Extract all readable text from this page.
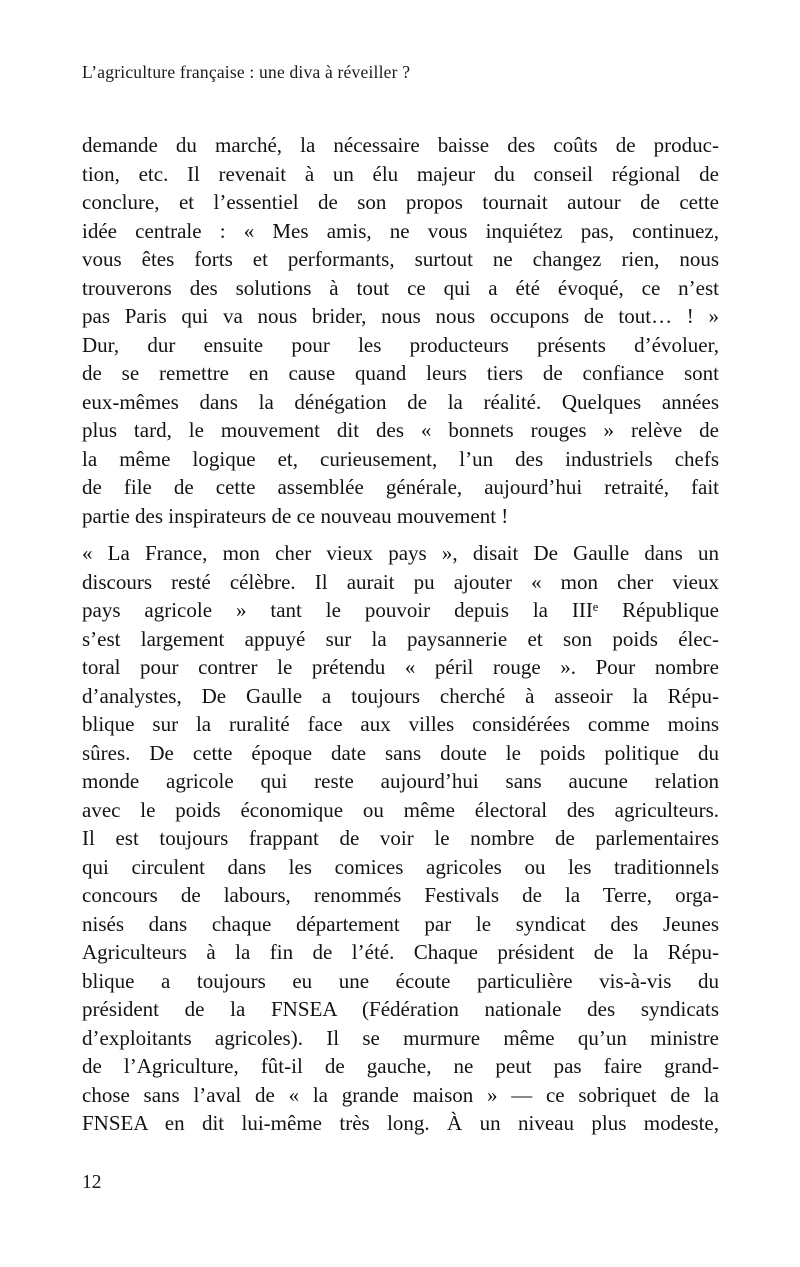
L’agriculture française : une diva à réveiller ?
demande du marché, la nécessaire baisse des coûts de produc-
tion, etc. Il revenait à un élu majeur du conseil régional de
conclure, et l’essentiel de son propos tournait autour de cette
idée centrale : « Mes amis, ne vous inquiétez pas, continuez,
vous êtes forts et performants, surtout ne changez rien, nous
trouverons des solutions à tout ce qui a été évoqué, ce n’est
pas Paris qui va nous brider, nous nous occupons de tout… ! »
Dur, dur ensuite pour les producteurs présents d’évoluer,
de se remettre en cause quand leurs tiers de confiance sont
eux-mêmes dans la dénégation de la réalité. Quelques années
plus tard, le mouvement dit des « bonnets rouges » relève de
la même logique et, curieusement, l’un des industriels chefs
de file de cette assemblée générale, aujourd’hui retraité, fait
partie des inspirateurs de ce nouveau mouvement !
« La France, mon cher vieux pays », disait De Gaulle dans un
discours resté célèbre. Il aurait pu ajouter « mon cher vieux
pays agricole » tant le pouvoir depuis la IIIᵉ République
s’est largement appuyé sur la paysannerie et son poids élec-
toral pour contrer le prétendu « péril rouge ». Pour nombre
d’analystes, De Gaulle a toujours cherché à asseoir la Répu-
blique sur la ruralité face aux villes considérées comme moins
sûres. De cette époque date sans doute le poids politique du
monde agricole qui reste aujourd’hui sans aucune relation
avec le poids économique ou même électoral des agriculteurs.
Il est toujours frappant de voir le nombre de parlementaires
qui circulent dans les comices agricoles ou les traditionnels
concours de labours, renommés Festivals de la Terre, orga-
nisés dans chaque département par le syndicat des Jeunes
Agriculteurs à la fin de l’été. Chaque président de la Répu-
blique a toujours eu une écoute particulière vis-à-vis du
président de la FNSEA (Fédération nationale des syndicats
d’exploitants agricoles). Il se murmure même qu’un ministre
de l’Agriculture, fût-il de gauche, ne peut pas faire grand-
chose sans l’aval de « la grande maison » — ce sobriquet de la
FNSEA en dit lui-même très long. À un niveau plus modeste,
12
